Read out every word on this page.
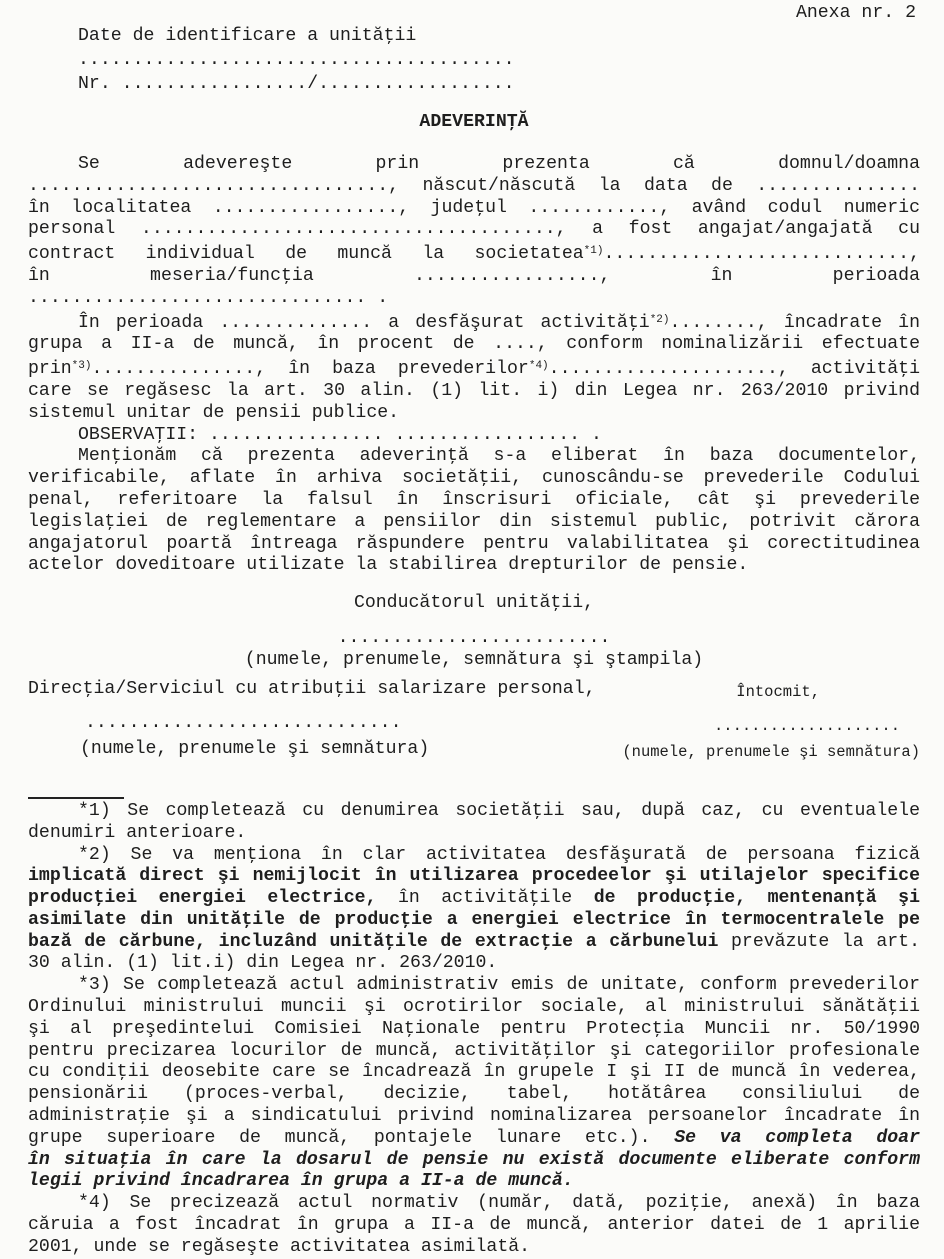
Anexa nr. 2
Date de identificare a unităţii
........................................
Nr. ................./..................
ADEVERINŢĂ
Se adevereşte prin prezenta că domnul/doamna
................................., născut/născută la data de ...............
în localitatea ................., judeţul ............, având codul numeric
personal ......................................, a fost angajat/angajată cu
contract individual de muncă la societatea$^{*1)}$............................,
în meseria/funcţia ................., în perioada
............................... .
În perioada .............. a desfăşurat activităţi$^{*2)}$........, încadrate în
grupa a II-a de muncă, în procent de ...., conform nominalizării efectuate
prin$^{*3)}$..............., în baza prevederilor$^{*4)}$....................., activităţi
care se regăsesc la art. 30 alin. (1) lit. i) din Legea nr. 263/2010 privind
sistemul unitar de pensii publice.
OBSERVAŢII: ................ ................. .
Menţionăm că prezenta adeverinţă s-a eliberat în baza documentelor,
verificabile, aflate în arhiva societăţii, cunoscându-se prevederile Codului
penal, referitoare la falsul în înscrisuri oficiale, cât şi prevederile
legislaţiei de reglementare a pensiilor din sistemul public, potrivit cărora
angajatorul poartă întreaga răspundere pentru valabilitatea şi corectitudinea
actelor doveditoare utilizate la stabilirea drepturilor de pensie.
Conducătorul unităţii,
.........................
(numele, prenumele, semnătura şi ştampila)
Direcţia/Serviciul cu atribuţii salarizare personal,	Întocmit,
.............................	....................
(numele, prenumele şi semnătura)	(numele, prenumele şi semnătura)
*1) Se completează cu denumirea societăţii sau, după caz, cu eventualele
denumiri anterioare.
*2) Se va menţiona în clar activitatea desfăşurată de persoana fizică
implicată direct şi nemijlocit în utilizarea procedeelor şi utilajelor specifice
producţiei energiei electrice, în activităţile de producţie, mentenanţă şi
asimilate din unităţile de producţie a energiei electrice în termocentralele pe
bază de cărbune, incluzând unităţile de extracţie a cărbunelui prevăzute la art.
30 alin. (1) lit.i) din Legea nr. 263/2010.
*3) Se completează actul administrativ emis de unitate, conform prevederilor
Ordinului ministrului muncii şi ocrotirilor sociale, al ministrului sănătăţii
şi al preşedintelui Comisiei Naţionale pentru Protecţia Muncii nr. 50/1990
pentru precizarea locurilor de muncă, activităţilor şi categoriilor profesionale
cu condiţii deosebite care se încadrează în grupele I şi II de muncă în vederea,
pensionării (proces-verbal, decizie, tabel, hotătârea consiliului de
administraţie şi a sindicatului privind nominalizarea persoanelor încadrate în
grupe superioare de muncă, pontajele lunare etc.). Se va completa doar
în situaţia în care la dosarul de pensie nu există documente eliberate conform
legii privind încadrarea în grupa a II-a de muncă.
*4) Se precizează actul normativ (număr, dată, poziţie, anexă) în baza
căruia a fost încadrat în grupa a II-a de muncă, anterior datei de 1 aprilie
2001, unde se regăseşte activitatea asimilată.
